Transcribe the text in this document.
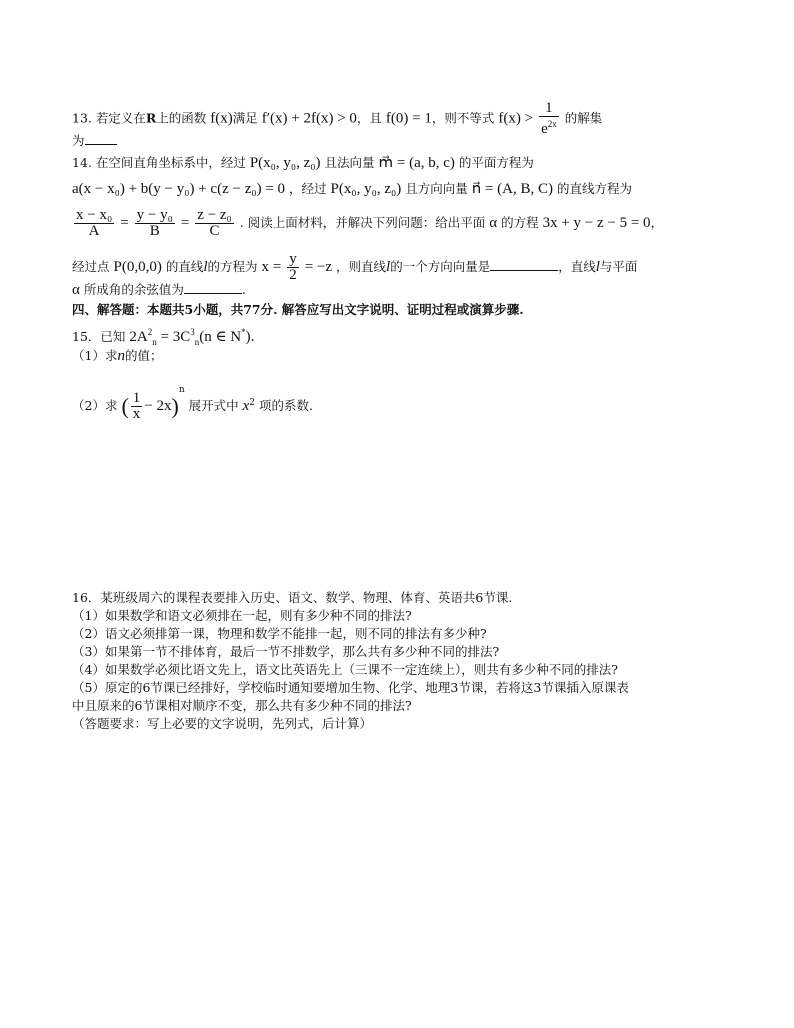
13. 若定义在R上的函数 f(x)满足 f′(x) + 2f(x) > 0，且 f(0) = 1，则不等式 $f(x) > \frac{1}{e^{2x}}$ 的解集
为
14. 在空间直角坐标系中，经过 P(x₀, y₀, z₀) 且法向量 m⃗ = (a, b, c) 的平面方程为
a(x − x₀) + b(y − y₀) + c(z − z₀) = 0 ，经过 P(x₀, y₀, z₀) 且方向向量 n⃗ = (A, B, C) 的直线方程为
$\frac{\text{x − x₀}}{A} = \frac{\text{y − y₀}}{B} = \frac{\text{z − z₀}}{C}$ . 阅读上面材料，并解决下列问题：给出平面 α 的方程 3x + y − z − 5 = 0，
经过点 P(0,0,0) 的直线l的方程为 $x = \frac{y}{2} = -z$ ，则直线l的一个方向向量是	，直线l与平面
α 所成角的余弦值为	.
四、解答题：本题共5小题，共77分. 解答应写出文字说明、证明过程或演算步骤.
15．已知 $2A^2_n = 3C^3_n(n$ ∈ N*).
（1）求n的值；
（2）求 ( $\frac{1}{x} - 2x)^n$ 展开式中 $x^2$ 项的系数.
16．某班级周六的课程表要排入历史、语文、数学、物理、体育、英语共6节课.
（1）如果数学和语文必须排在一起，则有多少种不同的排法?
（2）语文必须排第一课，物理和数学不能排一起，则不同的排法有多少种?
（3）如果第一节不排体育，最后一节不排数学，那么共有多少种不同的排法?
（4）如果数学必须比语文先上，语文比英语先上（三课不一定连续上），则共有多少种不同的排法?
（5）原定的6节课已经排好，学校临时通知要增加生物、化学、地理3节课，若将这3节课插入原课表
中且原来的6节课相对顺序不变，那么共有多少种不同的排法?
（答题要求：写上必要的文字说明，先列式，后计算）
